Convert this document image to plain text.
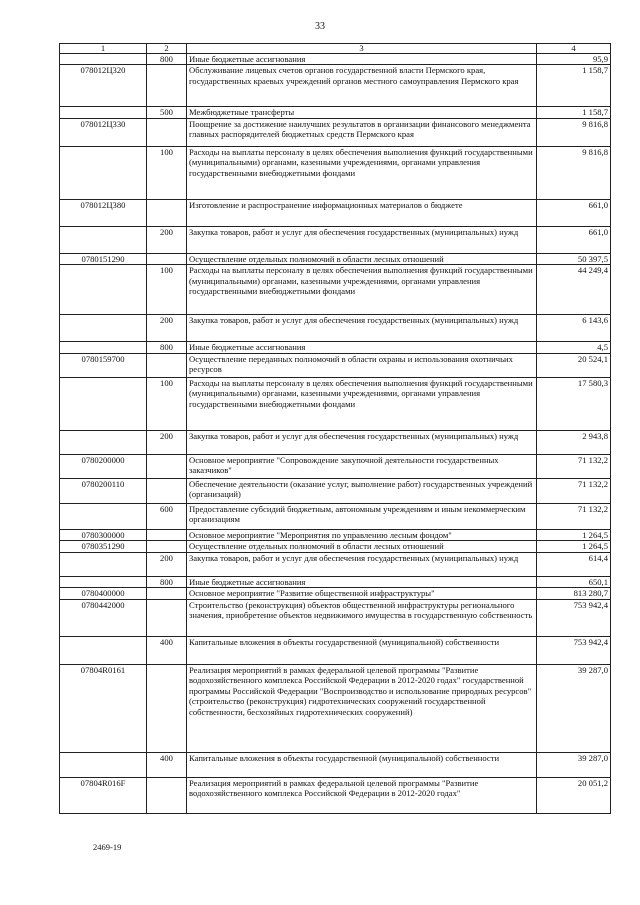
33
1	2	3	4
	800	Иные бюджетные ассигнования	95,9
078012Ц320		Обслуживание лицевых счетов органов государственной власти Пермского края, государственных краевых учреждений органов местного самоуправления Пермского края	1 158,7
	500	Межбюджетные трансферты	1 158,7
078012Ц330		Поощрение за достижение наилучших результатов в организации финансового менеджмента главных распорядителей бюджетных средств Пермского края	9 816,8
	100	Расходы на выплаты персоналу в целях обеспечения выполнения функций государственными (муниципальными) органами, казенными учреждениями, органами управления государственными внебюджетными фондами	9 816,8
078012Ц380		Изготовление и распространение информационных материалов о бюджете	661,0
	200	Закупка товаров, работ и услуг для обеспечения государственных (муниципальных) нужд	661,0
0780151290		Осуществление отдельных полномочий в области лесных отношений	50 397,5
	100	Расходы на выплаты персоналу в целях обеспечения выполнения функций государственными (муниципальными) органами, казенными учреждениями, органами управления государственными внебюджетными фондами	44 249,4
	200	Закупка товаров, работ и услуг для обеспечения государственных (муниципальных) нужд	6 143,6
	800	Иные бюджетные ассигнования	4,5
0780159700		Осуществление переданных полномочий в области охраны и использования охотничьих ресурсов	20 524,1
	100	Расходы на выплаты персоналу в целях обеспечения выполнения функций государственными (муниципальными) органами, казенными учреждениями, органами управления государственными внебюджетными фондами	17 580,3
	200	Закупка товаров, работ и услуг для обеспечения государственных (муниципальных) нужд	2 943,8
0780200000		Основное мероприятие "Сопровождение закупочной деятельности государственных заказчиков"	71 132,2
0780200110		Обеспечение деятельности (оказание услуг, выполнение работ) государственных учреждений (организаций)	71 132,2
	600	Предоставление субсидий бюджетным, автономным учреждениям и иным некоммерческим организациям	71 132,2
0780300000		Основное мероприятие "Мероприятия по управлению лесным фондом"	1 264,5
0780351290		Осуществление отдельных полномочий в области лесных отношений	1 264,5
	200	Закупка товаров, работ и услуг для обеспечения государственных (муниципальных) нужд	614,4
	800	Иные бюджетные ассигнования	650,1
0780400000		Основное мероприятие "Развитие общественной инфраструктуры"	813 280,7
0780442000		Строительство (реконструкция) объектов общественной инфраструктуры регионального значения, приобретение объектов недвижимого имущества в государственную собственность	753 942,4
	400	Капитальные вложения в объекты государственной (муниципальной) собственности	753 942,4
07804R0161		Реализация мероприятий в рамках федеральной целевой программы "Развитие водохозяйственного комплекса Российской Федерации в 2012-2020 годах" государственной программы Российской Федерации "Воспроизводство и использование природных ресурсов" (строительство (реконструкция) гидротехнических сооружений государственной собственности, бесхозяйных гидротехнических сооружений)	39 287,0
	400	Капитальные вложения в объекты государственной (муниципальной) собственности	39 287,0
07804R016F		Реализация мероприятий в рамках федеральной целевой программы "Развитие водохозяйственного комплекса Российской Федерации в 2012-2020 годах"	20 051,2
2469-19
